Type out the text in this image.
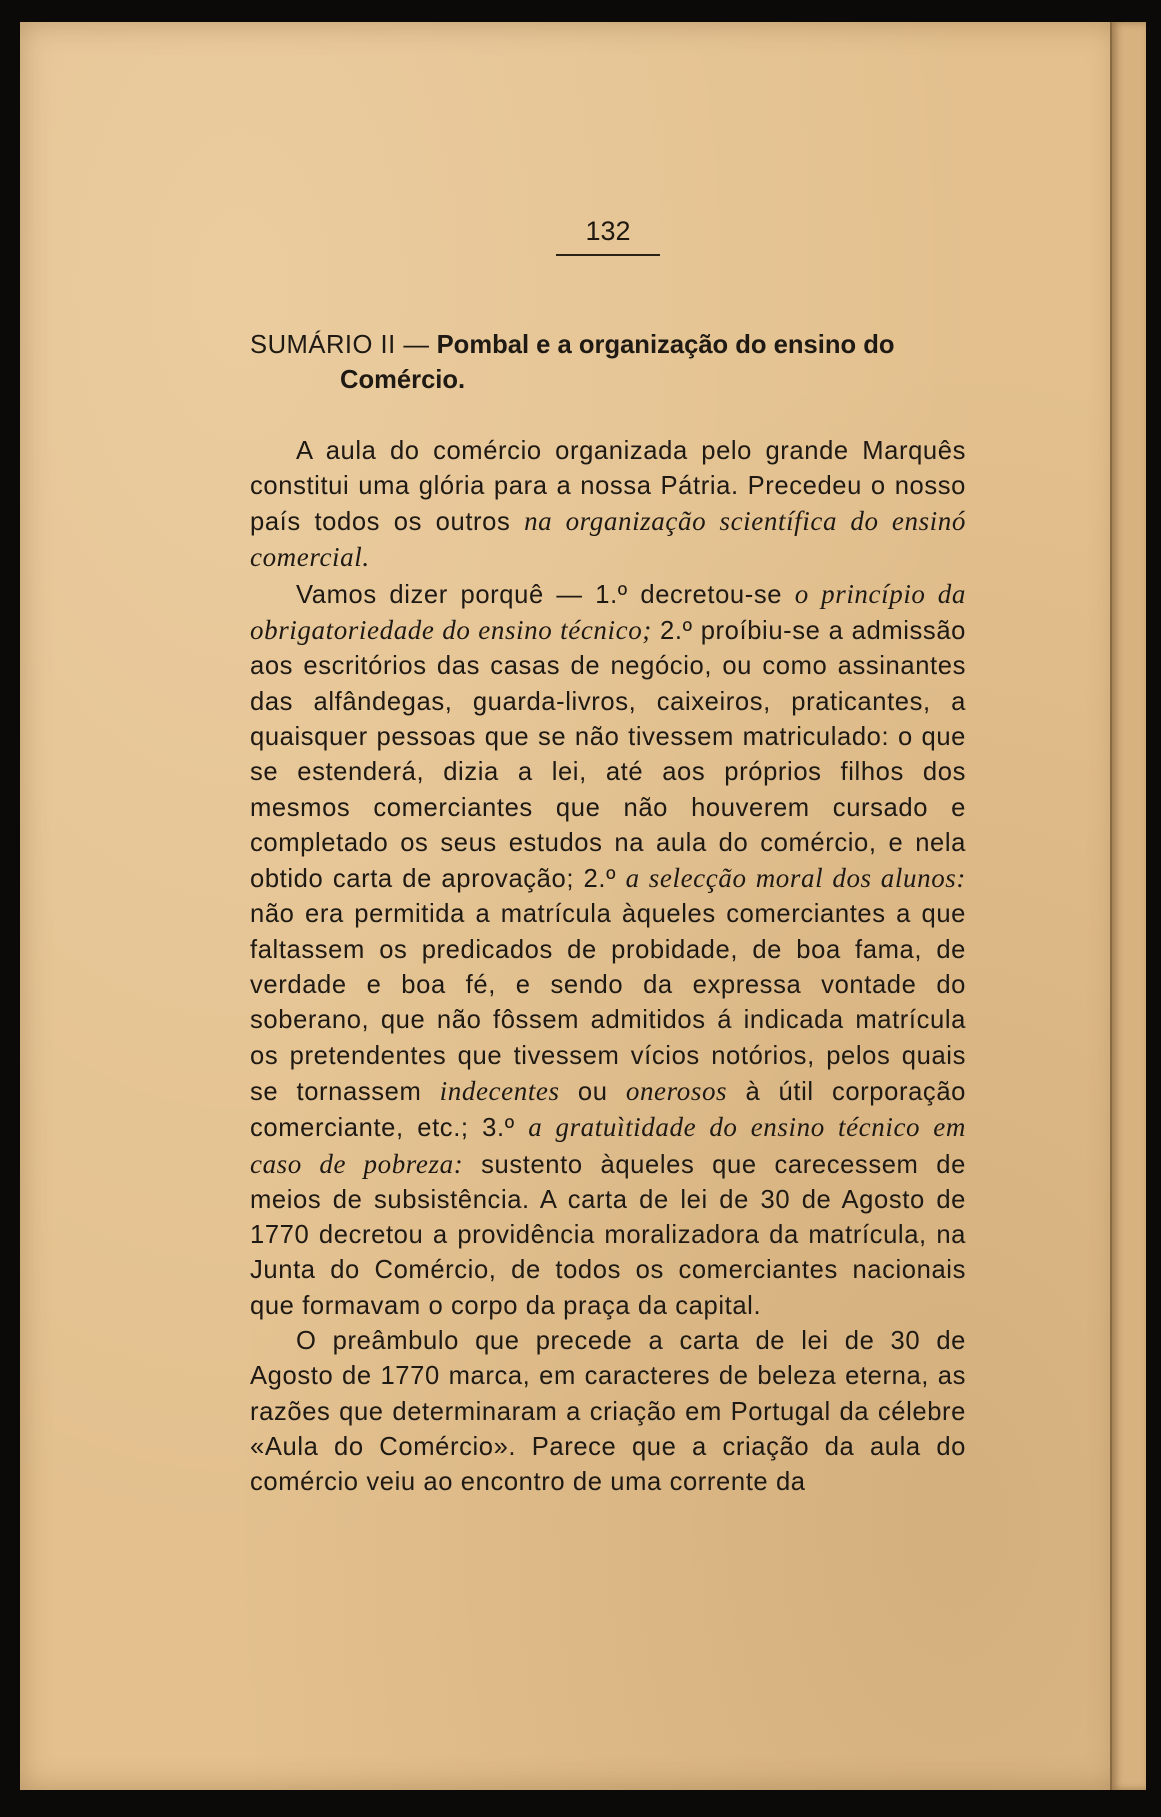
132

SUMÁRIO II — Pombal e a organização do ensino do
Comércio.

A aula do comércio organizada pelo grande Marquês constitui uma glória para a nossa Pátria. Precedeu o nosso país todos os outros na organização scientífica do ensinó comercial.

Vamos dizer porquê — 1.º decretou-se o princípio da obrigatoriedade do ensino técnico; 2.º proíbiu-se a admissão aos escritórios das casas de negócio, ou como assinantes das alfândegas, guarda-livros, caixeiros, praticantes, a quaisquer pessoas que se não tivessem matriculado: o que se estenderá, dizia a lei, até aos próprios filhos dos mesmos comerciantes que não houverem cursado e completado os seus estudos na aula do comércio, e nela obtido carta de aprovação; 2.º a selecção moral dos alunos: não era permitida a matrícula àqueles comerciantes a que faltassem os predicados de probidade, de boa fama, de verdade e boa fé, e sendo da expressa vontade do soberano, que não fôssem admitidos á indicada matrícula os pretendentes que tivessem vícios notórios, pelos quais se tornassem indecentes ou onerosos à útil corporação comerciante, etc.; 3.º a gratuìtidade do ensino técnico em caso de pobreza: sustento àqueles que carecessem de meios de subsistência. A carta de lei de 30 de Agosto de 1770 decretou a providência moralizadora da matrícula, na Junta do Comércio, de todos os comerciantes nacionais que formavam o corpo da praça da capital.

O preâmbulo que precede a carta de lei de 30 de Agosto de 1770 marca, em caracteres de beleza eterna, as razões que determinaram a criação em Portugal da célebre «Aula do Comércio». Parece que a criação da aula do comércio veiu ao encontro de uma corrente da
